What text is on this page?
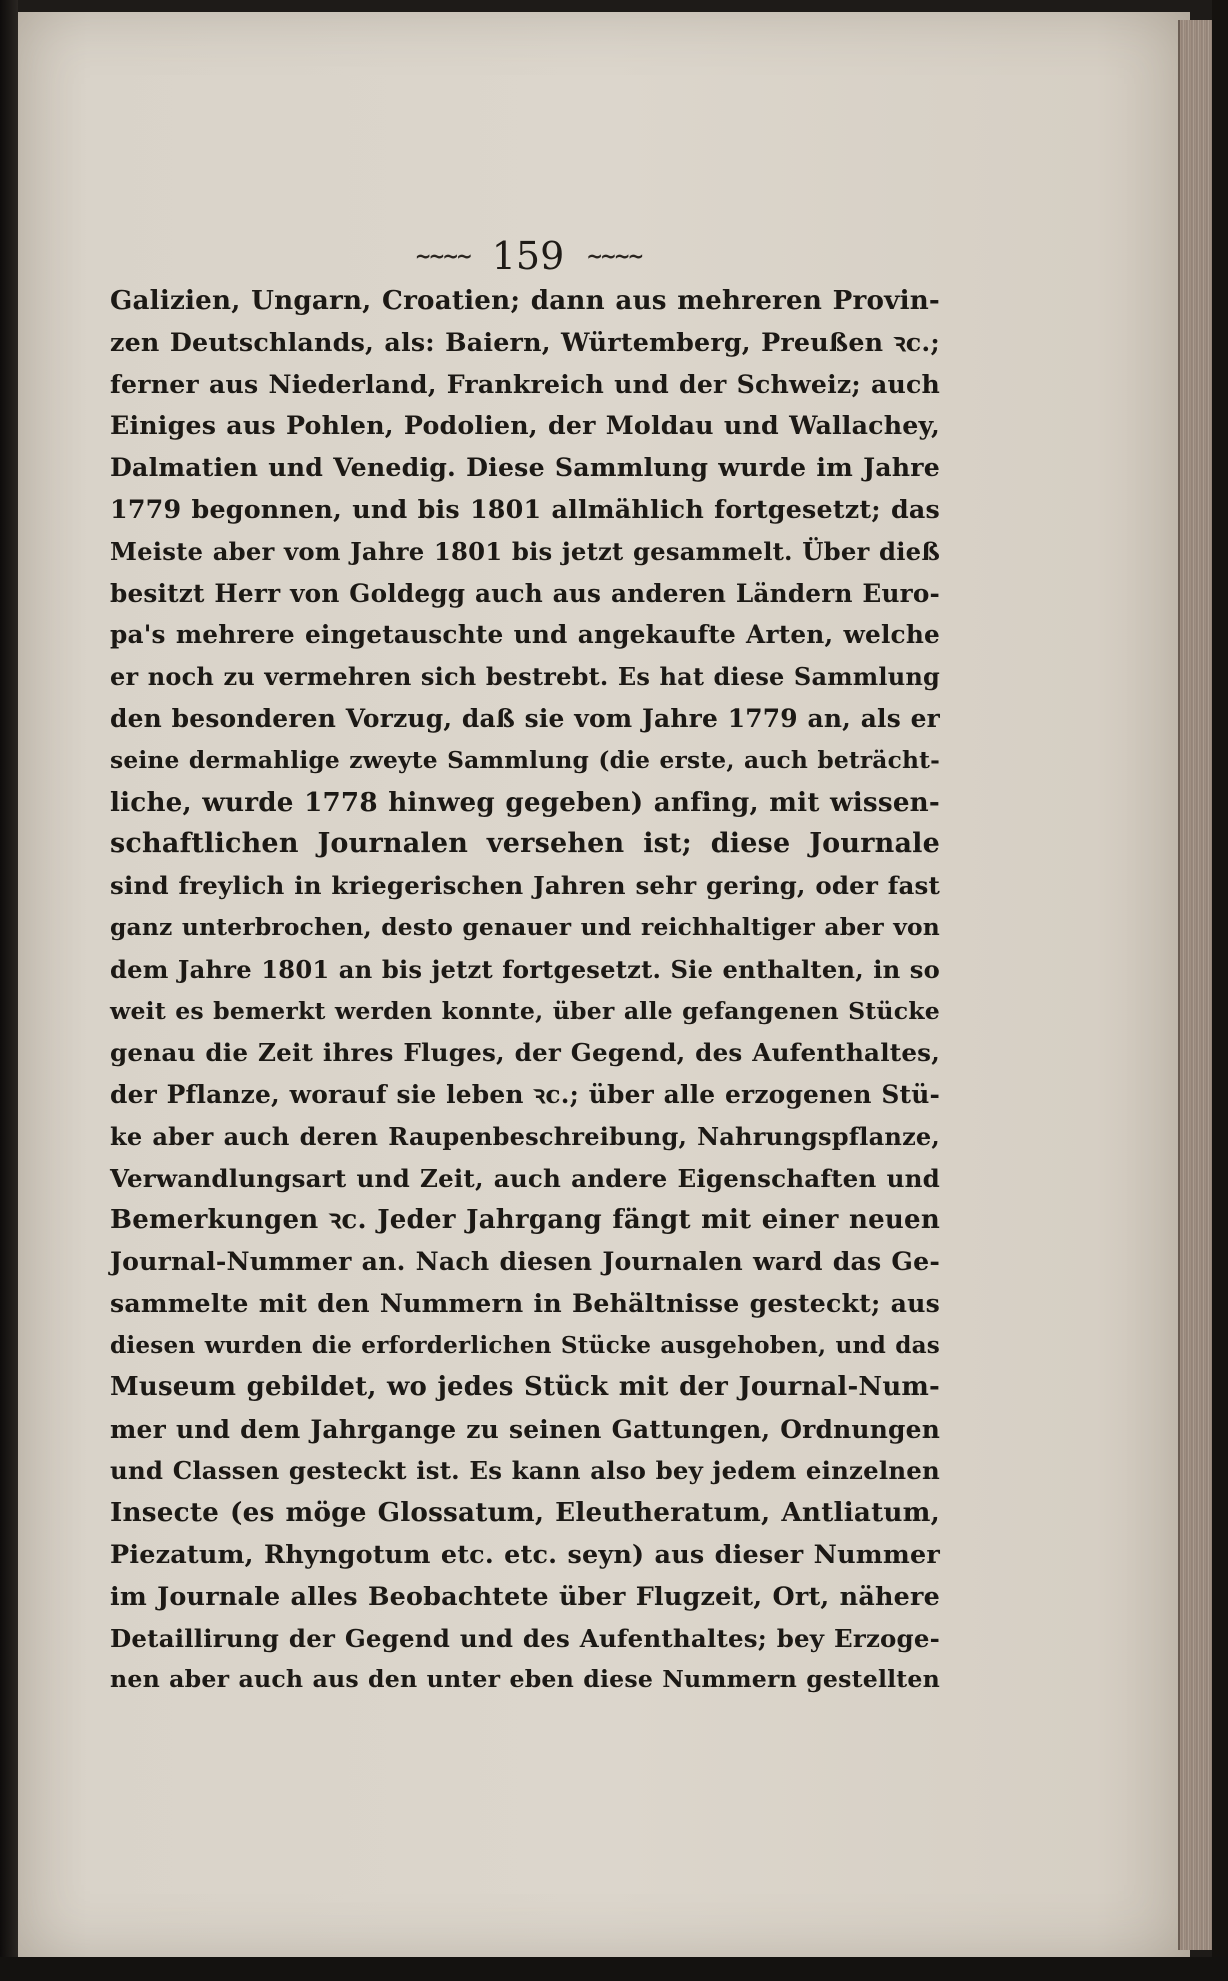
~~~~ 159 ~~~~
Galizien, Ungarn, Croatien; dann aus mehreren Provin-
zen Deutschlands, als: Baiern, Würtemberg, Preußen ꝛc.;
ferner aus Niederland, Frankreich und der Schweiz; auch
Einiges aus Pohlen, Podolien, der Moldau und Wallachey,
Dalmatien und Venedig. Diese Sammlung wurde im Jahre
1779 begonnen, und bis 1801 allmählich fortgesetzt; das
Meiste aber vom Jahre 1801 bis jetzt gesammelt. Über dieß
besitzt Herr von Goldegg auch aus anderen Ländern Euro-
pa's mehrere eingetauschte und angekaufte Arten, welche
er noch zu vermehren sich bestrebt. Es hat diese Sammlung
den besonderen Vorzug, daß sie vom Jahre 1779 an, als er
seine dermahlige zweyte Sammlung (die erste, auch beträcht-
liche, wurde 1778 hinweg gegeben) anfing, mit wissen-
schaftlichen Journalen versehen ist; diese Journale
sind freylich in kriegerischen Jahren sehr gering, oder fast
ganz unterbrochen, desto genauer und reichhaltiger aber von
dem Jahre 1801 an bis jetzt fortgesetzt. Sie enthalten, in so
weit es bemerkt werden konnte, über alle gefangenen Stücke
genau die Zeit ihres Fluges, der Gegend, des Aufenthaltes,
der Pflanze, worauf sie leben ꝛc.; über alle erzogenen Stü-
ke aber auch deren Raupenbeschreibung, Nahrungspflanze,
Verwandlungsart und Zeit, auch andere Eigenschaften und
Bemerkungen ꝛc. Jeder Jahrgang fängt mit einer neuen
Journal-Nummer an. Nach diesen Journalen ward das Ge-
sammelte mit den Nummern in Behältnisse gesteckt; aus
diesen wurden die erforderlichen Stücke ausgehoben, und das
Museum gebildet, wo jedes Stück mit der Journal-Num-
mer und dem Jahrgange zu seinen Gattungen, Ordnungen
und Classen gesteckt ist. Es kann also bey jedem einzelnen
Insecte (es möge Glossatum, Eleutheratum, Antliatum,
Piezatum, Rhyngotum etc. etc. seyn) aus dieser Nummer
im Journale alles Beobachtete über Flugzeit, Ort, nähere
Detaillirung der Gegend und des Aufenthaltes; bey Erzoge-
nen aber auch aus den unter eben diese Nummern gestellten
